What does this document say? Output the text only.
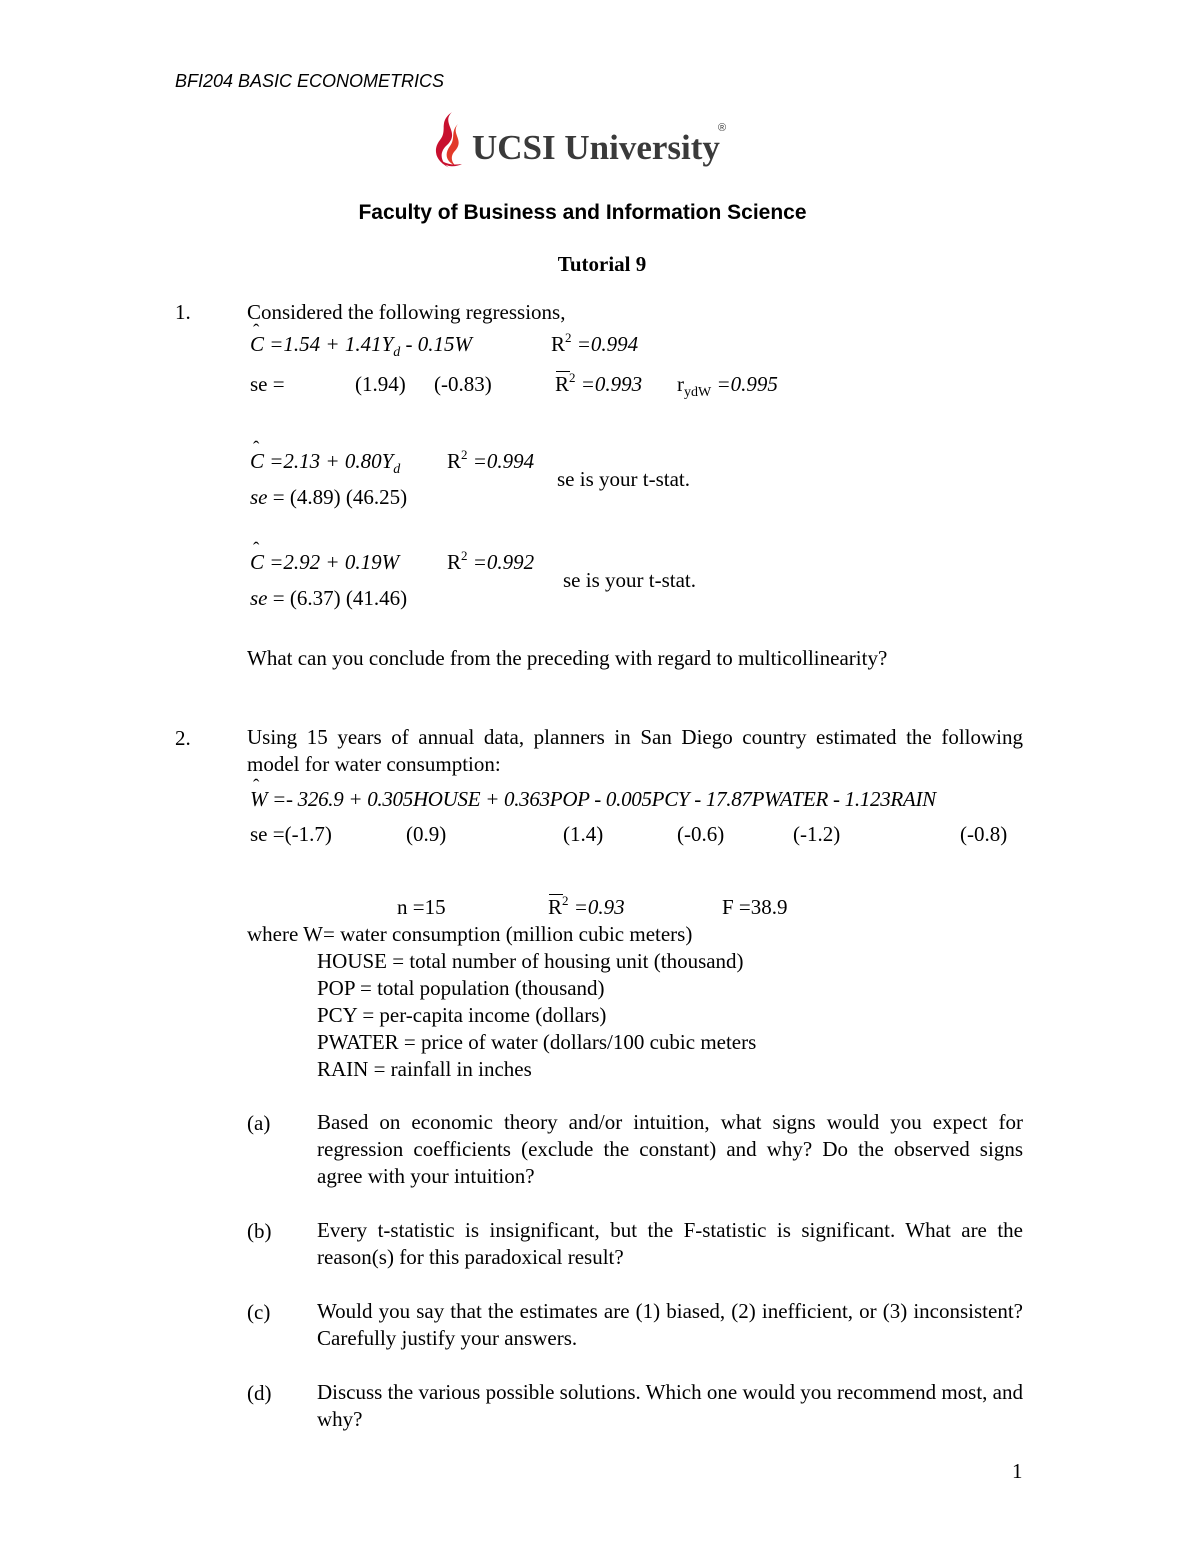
BFI204 BASIC ECONOMETRICS
UCSI University
®
Faculty of Business and Information Science
Tutorial 9
1.	Considered the following regressions,
ˆ $C =1.54 + 1.41Y_d - 0.15W$	$R^2 =0.994$
se =	(1.94) (-0.83)	$R^2 =0.993$ $r_{ydW} =0.995$
ˆ $C =2.13 + 0.80Y_d$ $R^2 =0.994$
se is your t-stat.
se = (4.89) (46.25)
ˆ C =2.92 + 0.19W $R^2 =0.992$
se is your t-stat.
se = (6.37) (41.46)
What can you conclude from the preceding with regard to multicollinearity?
2.	Using 15 years of annual data, planners in San Diego country estimated the following model for water consumption:
ˆ W =- 326.9 + 0.305HOUSE + 0.363POP - 0.005PCY - 17.87PWATER - 1.123RAIN
se =(-1.7)	(0.9)	(1.4)	(-0.6)	(-1.2)	(-0.8)
n =15	$R^2 =0.93$	F =38.9
where W= water consumption (million cubic meters)
HOUSE = total number of housing unit (thousand)
POP = total population (thousand)
PCY = per-capita income (dollars)
PWATER = price of water (dollars/100 cubic meters
RAIN = rainfall in inches
(a) Based on economic theory and/or intuition, what signs would you expect for regression coefficients (exclude the constant) and why? Do the observed signs agree with your intuition?
(b) Every t-statistic is insignificant, but the F-statistic is significant. What are the reason(s) for this paradoxical result?
(c) Would you say that the estimates are (1) biased, (2) inefficient, or (3) inconsistent? Carefully justify your answers.
(d) Discuss the various possible solutions. Which one would you recommend most, and why?
1
